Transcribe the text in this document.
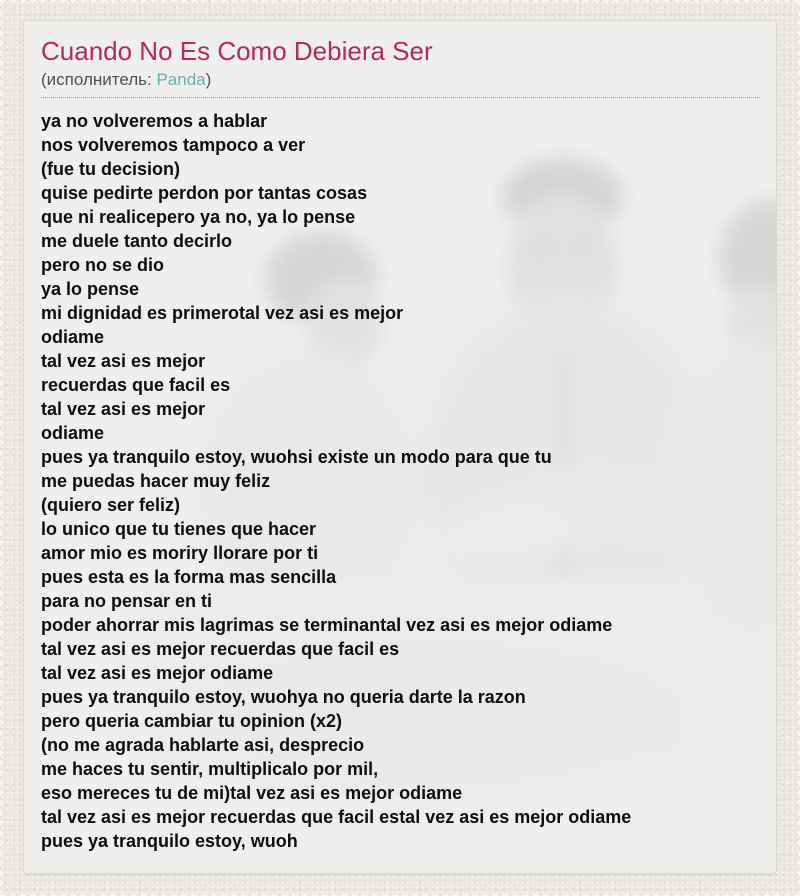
Cuando No Es Como Debiera Ser
(исполнитель: Panda)
ya no volveremos a hablar
nos volveremos tampoco a ver
(fue tu decision)
quise pedirte perdon por tantas cosas
que ni realicepero ya no, ya lo pense
me duele tanto decirlo
pero no se dio
ya lo pense
mi dignidad es primerotal vez asi es mejor
odiame
tal vez asi es mejor
recuerdas que facil es
tal vez asi es mejor
odiame
pues ya tranquilo estoy, wuohsi existe un modo para que tu
me puedas hacer muy feliz
(quiero ser feliz)
lo unico que tu tienes que hacer
amor mio es moriry llorare por ti
pues esta es la forma mas sencilla
para no pensar en ti
poder ahorrar mis lagrimas se terminantal vez asi es mejor odiame
tal vez asi es mejor recuerdas que facil es
tal vez asi es mejor odiame
pues ya tranquilo estoy, wuohya no queria darte la razon
pero queria cambiar tu opinion (x2)
(no me agrada hablarte asi, desprecio
me haces tu sentir, multiplicalo por mil,
eso mereces tu de mi)tal vez asi es mejor odiame
tal vez asi es mejor recuerdas que facil estal vez asi es mejor odiame
pues ya tranquilo estoy, wuoh
